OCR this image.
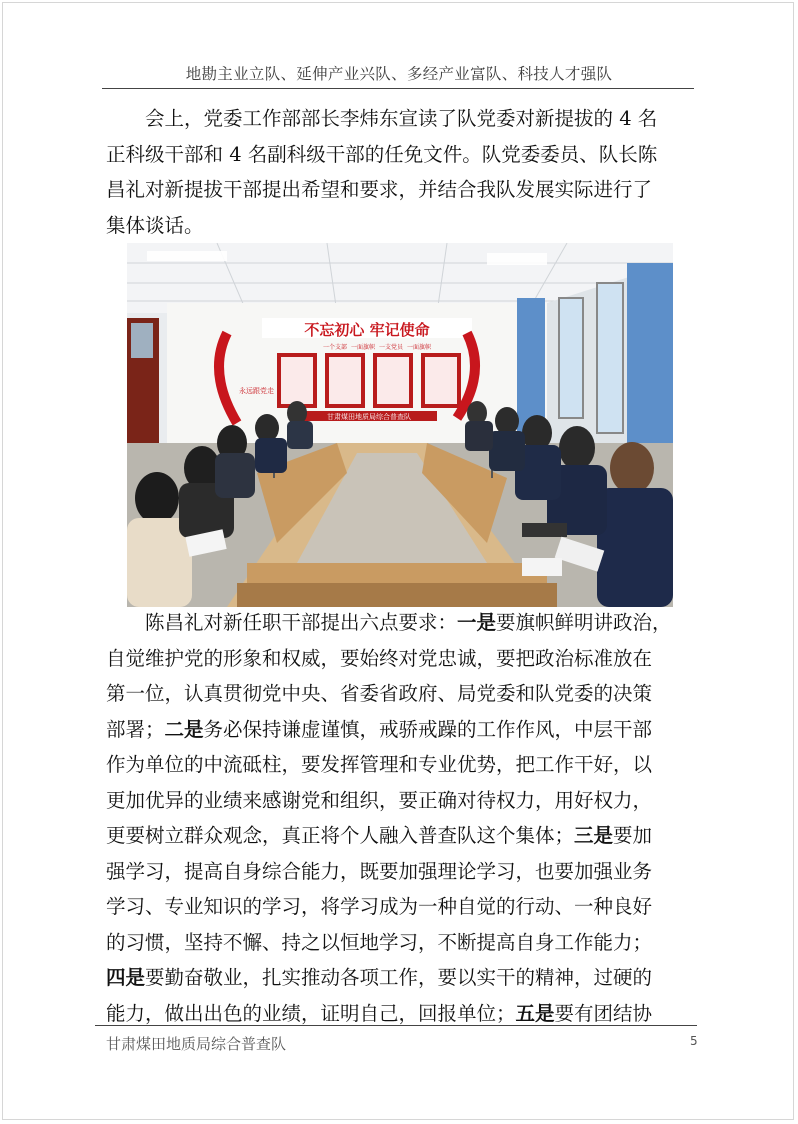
地勘主业立队、延伸产业兴队、多经产业富队、科技人才强队
　　会上，党委工作部部长李炜东宣读了队党委对新提拔的 4 名
正科级干部和 4 名副科级干部的任免文件。队党委委员、队长陈
昌礼对新提拔干部提出希望和要求，并结合我队发展实际进行了
集体谈话。
不忘初心 牢记使命
一个支部 一面旗帜 一支党员 一面旗帜
甘肃煤田地质局综合普查队
永远跟党走
　　陈昌礼对新任职干部提出六点要求：一是要旗帜鲜明讲政治，
自觉维护党的形象和权威，要始终对党忠诚，要把政治标准放在
第一位，认真贯彻党中央、省委省政府、局党委和队党委的决策
部署；二是务必保持谦虚谨慎，戒骄戒躁的工作作风，中层干部
作为单位的中流砥柱，要发挥管理和专业优势，把工作干好，以
更加优异的业绩来感谢党和组织，要正确对待权力，用好权力，
更要树立群众观念，真正将个人融入普查队这个集体；三是要加
强学习，提高自身综合能力，既要加强理论学习，也要加强业务
学习、专业知识的学习，将学习成为一种自觉的行动、一种良好
的习惯，坚持不懈、持之以恒地学习，不断提高自身工作能力；
四是要勤奋敬业，扎实推动各项工作，要以实干的精神，过硬的
能力，做出出色的业绩，证明自己，回报单位；五是要有团结协
甘肃煤田地质局综合普查队	5
